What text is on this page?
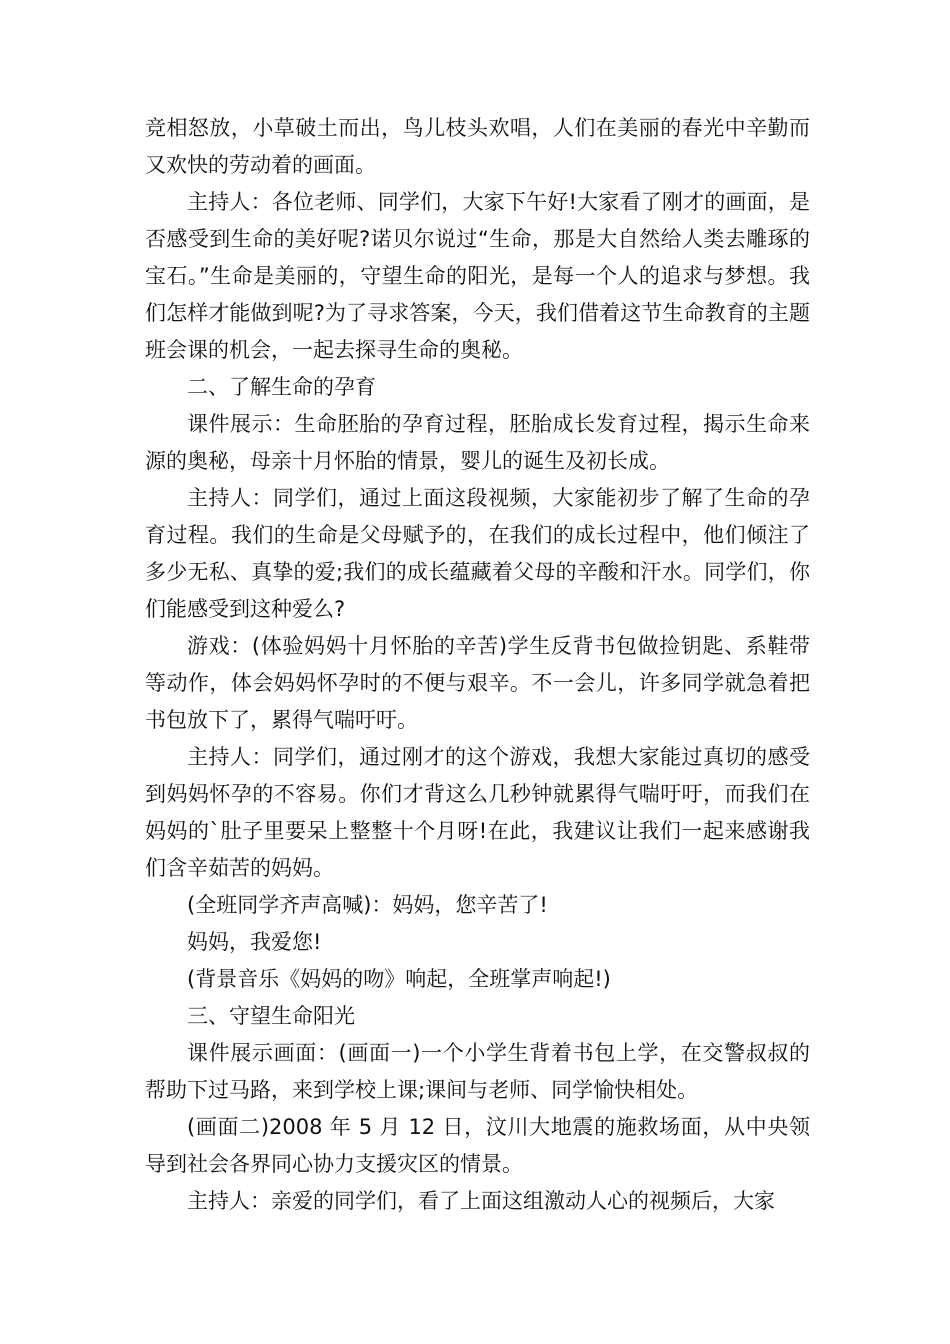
竞相怒放，小草破土而出，鸟儿枝头欢唱，人们在美丽的春光中辛勤而又欢快的劳动着的画面。

主持人：各位老师、同学们，大家下午好!大家看了刚才的画面，是否感受到生命的美好呢?诺贝尔说过“生命，那是大自然给人类去雕琢的宝石。”生命是美丽的，守望生命的阳光，是每一个人的追求与梦想。我们怎样才能做到呢?为了寻求答案，今天，我们借着这节生命教育的主题班会课的机会，一起去探寻生命的奥秘。

二、了解生命的孕育

课件展示：生命胚胎的孕育过程，胚胎成长发育过程，揭示生命来源的奥秘，母亲十月怀胎的情景，婴儿的诞生及初长成。

主持人：同学们，通过上面这段视频，大家能初步了解了生命的孕育过程。我们的生命是父母赋予的，在我们的成长过程中，他们倾注了多少无私、真挚的爱;我们的成长蕴藏着父母的辛酸和汗水。同学们，你们能感受到这种爱么?

游戏：(体验妈妈十月怀胎的辛苦)学生反背书包做捡钥匙、系鞋带等动作，体会妈妈怀孕时的不便与艰辛。不一会儿，许多同学就急着把书包放下了，累得气喘吁吁。

主持人：同学们，通过刚才的这个游戏，我想大家能过真切的感受到妈妈怀孕的不容易。你们才背这么几秒钟就累得气喘吁吁，而我们在妈妈的`肚子里要呆上整整十个月呀!在此，我建议让我们一起来感谢我们含辛茹苦的妈妈。

(全班同学齐声高喊)：妈妈，您辛苦了!

妈妈，我爱您!

(背景音乐《妈妈的吻》响起，全班掌声响起!)

三、守望生命阳光

课件展示画面：(画面一)一个小学生背着书包上学，在交警叔叔的帮助下过马路，来到学校上课;课间与老师、同学愉快相处。

(画面二)2008 年 5 月 12 日，汶川大地震的施救场面，从中央领导到社会各界同心协力支援灾区的情景。

主持人：亲爱的同学们，看了上面这组激动人心的视频后，大家
